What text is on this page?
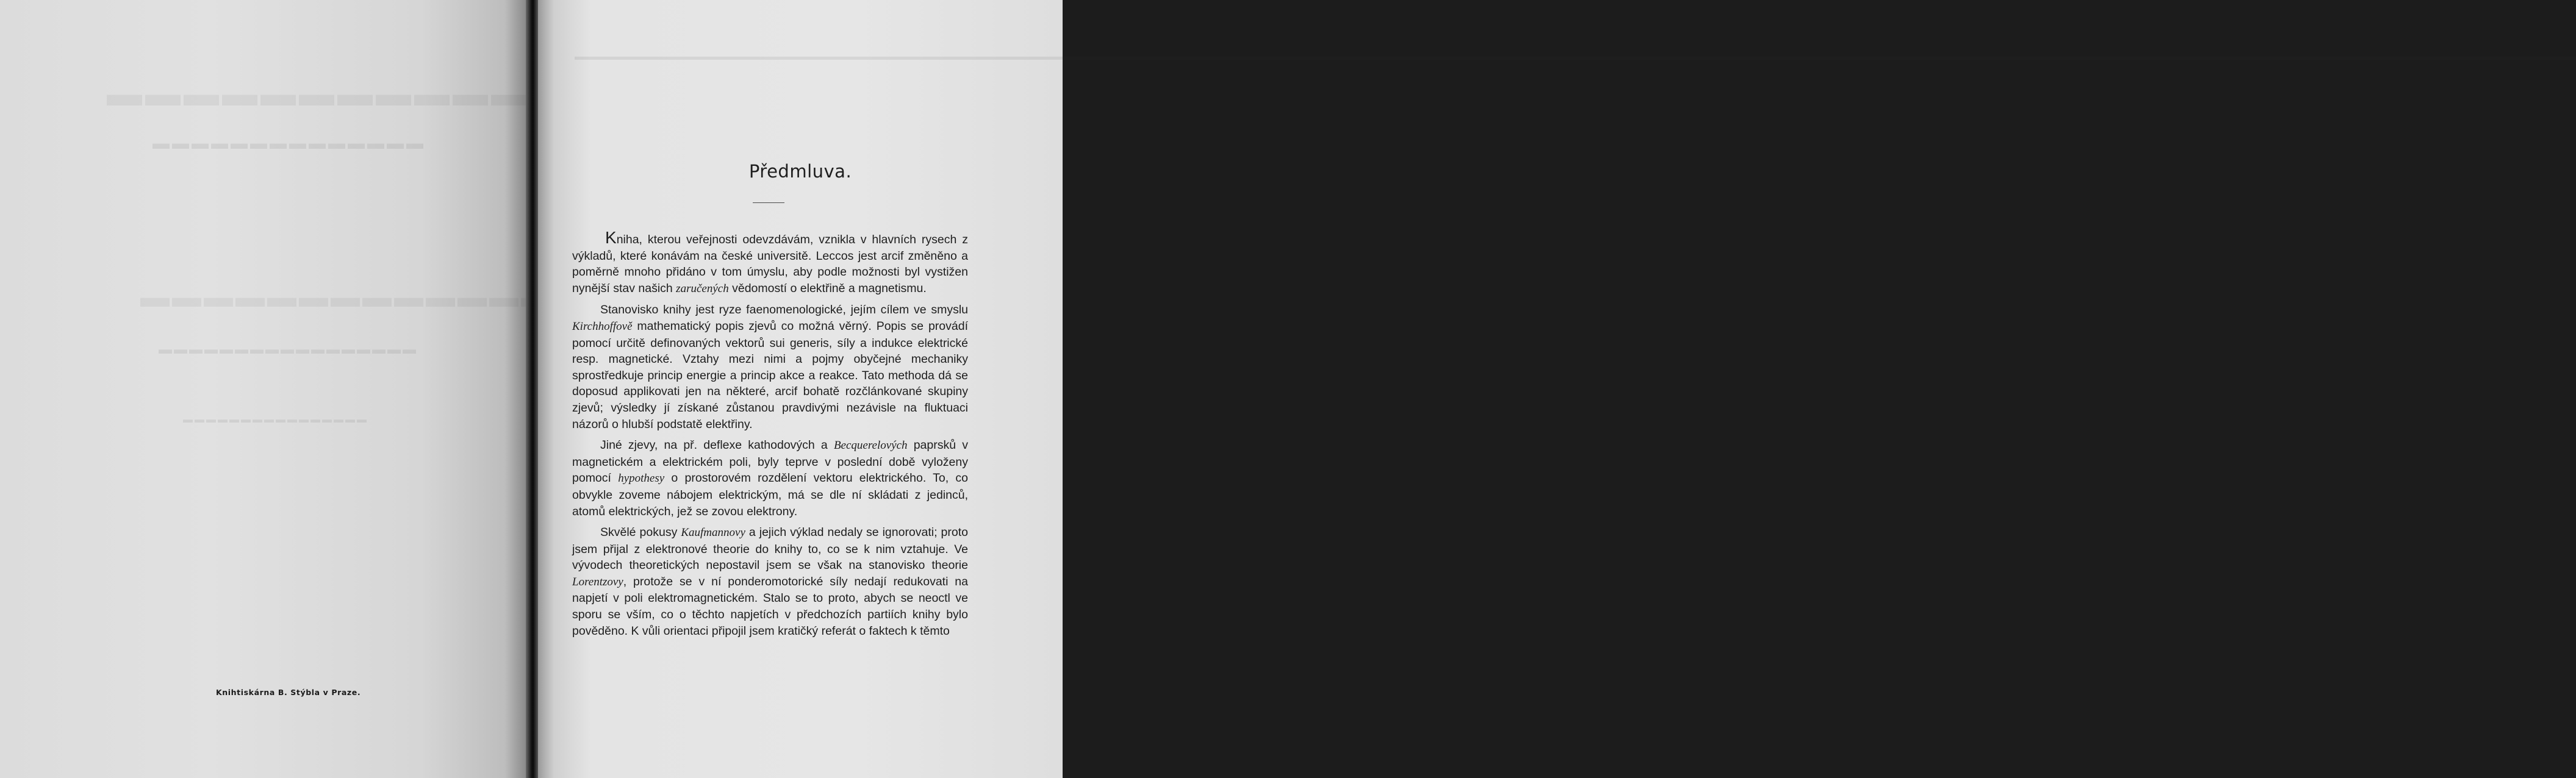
▬▬▬▬▬▬▬▬▬▬▬▬▬
▬▬▬▬▬▬▬▬▬▬▬▬▬▬
▬▬▬▬▬▬▬▬▬▬▬▬▬
▬▬▬▬▬▬▬▬▬▬▬▬▬▬▬▬▬
▬▬▬▬▬▬▬▬▬▬▬▬▬▬▬▬
Knihtiskárna B. Stýbla v Praze.
▬▬▬▬▬▬▬▬▬▬▬▬▬▬▬▬▬▬▬▬▬▬▬▬▬▬▬▬▬▬▬▬▬▬▬▬▬▬▬▬▬▬▬▬▬▬▬▬▬▬▬▬▬▬▬▬▬▬▬▬▬▬▬▬▬▬▬▬▬▬▬▬▬▬▬▬▬▬▬▬▬▬▬▬▬▬▬▬▬▬▬▬▬▬▬▬▬▬▬▬▬▬▬▬▬▬▬▬▬▬▬▬▬▬▬▬▬▬▬▬▬▬▬▬▬▬▬▬▬▬▬▬▬▬▬▬▬▬▬▬▬▬▬▬▬▬▬▬▬▬▬▬▬▬▬▬▬▬▬▬▬▬▬▬▬▬▬▬▬▬▬▬▬▬▬▬▬▬▬▬▬▬▬▬▬▬▬▬▬▬▬▬▬
Předmluva.

Kniha, kterou veřejnosti odevzdávám, vznikla v hlavních rysech z výkladů, které konávám na české universitě. Leccos jest arcif změněno a poměrně mnoho přidáno v tom úmyslu, aby podle možnosti byl vystižen nynější stav našich zaručených vědomostí o elektřině a magnetismu.

Stanovisko knihy jest ryze faenomenologické, jejím cílem ve smyslu Kirchhoffově mathematický popis zjevů co možná věrný. Popis se provádí pomocí určitě definovaných vektorů sui generis, síly a indukce elektrické resp. magnetické. Vztahy mezi nimi a pojmy obyčejné mechaniky sprostředkuje princip energie a princip akce a reakce. Tato methoda dá se doposud applikovati jen na některé, arcif bohatě rozčlánkované skupiny zjevů; výsledky jí získané zůstanou pravdivými nezávisle na fluktuaci názorů o hlubší podstatě elektřiny.

Jiné zjevy, na př. deflexe kathodových a Becquerelových paprsků v magnetickém a elektrickém poli, byly teprve v poslední době vyloženy pomocí hypothesy o prostorovém rozdělení vektoru elektrického. To, co obvykle zoveme nábojem elektrickým, má se dle ní skládati z jedinců, atomů elektrických, jež se zovou elektrony.

Skvělé pokusy Kaufmannovy a jejich výklad nedaly se ignorovati; proto jsem přijal z elektronové theorie do knihy to, co se k nim vztahuje. Ve vývodech theoretických nepostavil jsem se však na stanovisko theorie Lorentzovy, protože se v ní ponderomotorické síly nedají redukovati na napjetí v poli elektromagnetickém. Stalo se to proto, abych se neoctl ve sporu se vším, co o těchto napjetích v předchozích partiích knihy bylo pověděno. K vůli orientaci připojil jsem kratičký referát o faktech k těmto
